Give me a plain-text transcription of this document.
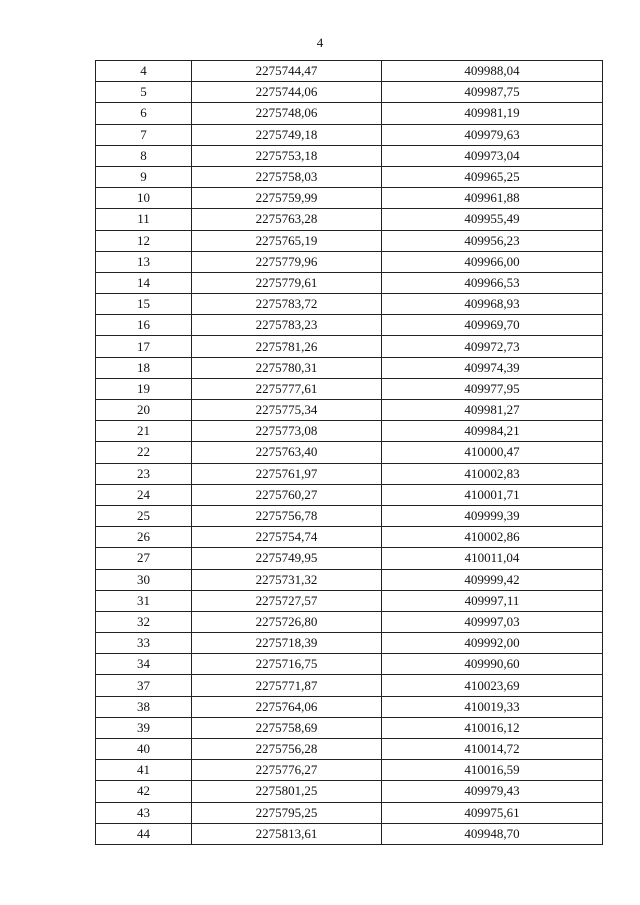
4
4	2275744,47	409988,04
5	2275744,06	409987,75
6	2275748,06	409981,19
7	2275749,18	409979,63
8	2275753,18	409973,04
9	2275758,03	409965,25
10	2275759,99	409961,88
11	2275763,28	409955,49
12	2275765,19	409956,23
13	2275779,96	409966,00
14	2275779,61	409966,53
15	2275783,72	409968,93
16	2275783,23	409969,70
17	2275781,26	409972,73
18	2275780,31	409974,39
19	2275777,61	409977,95
20	2275775,34	409981,27
21	2275773,08	409984,21
22	2275763,40	410000,47
23	2275761,97	410002,83
24	2275760,27	410001,71
25	2275756,78	409999,39
26	2275754,74	410002,86
27	2275749,95	410011,04
30	2275731,32	409999,42
31	2275727,57	409997,11
32	2275726,80	409997,03
33	2275718,39	409992,00
34	2275716,75	409990,60
37	2275771,87	410023,69
38	2275764,06	410019,33
39	2275758,69	410016,12
40	2275756,28	410014,72
41	2275776,27	410016,59
42	2275801,25	409979,43
43	2275795,25	409975,61
44	2275813,61	409948,70
